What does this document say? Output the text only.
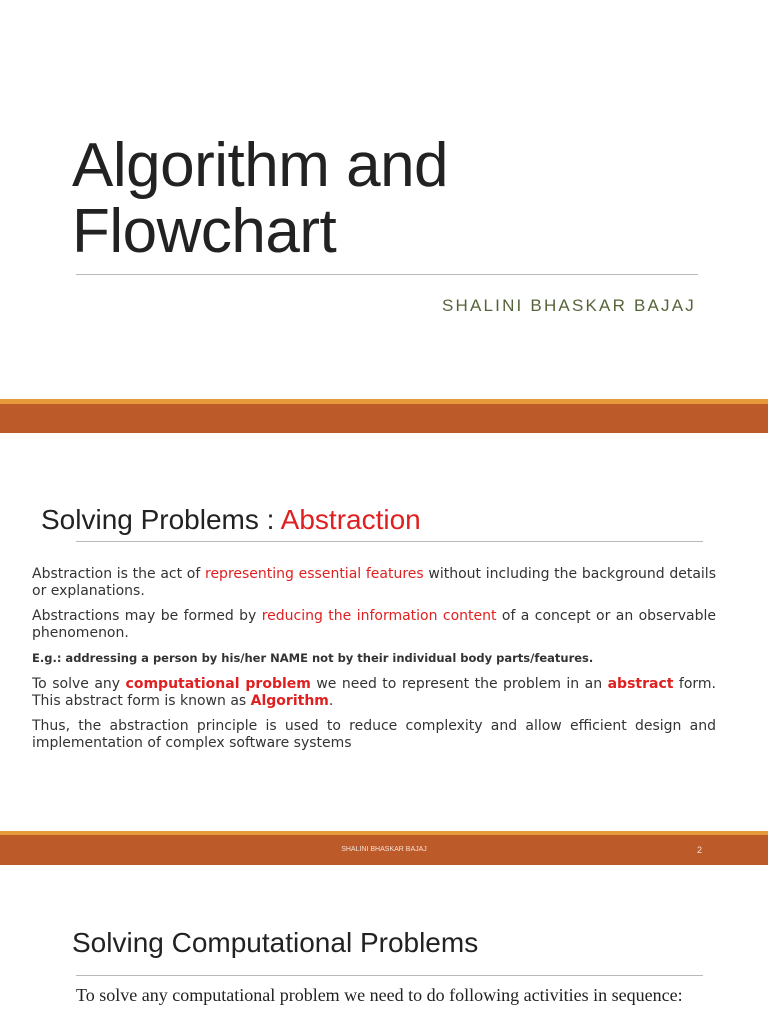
Algorithm and
Flowchart
SHALINI BHASKAR BAJAJ
Solving Problems : Abstraction

Abstraction is the act of representing essential features without including the background details or explanations.

Abstractions may be formed by reducing the information content of a concept or an observable phenomenon.

E.g.: addressing a person by his/her NAME not by their individual body parts/features.

To solve any computational problem we need to represent the problem in an abstract form. This abstract form is known as Algorithm.

Thus, the abstraction principle is used to reduce complexity and allow efficient design and implementation of complex software systems

SHALINI BHASKAR BAJAJ	2
Solving Computational Problems
To solve any computational problem we need to do following activities in sequence:
